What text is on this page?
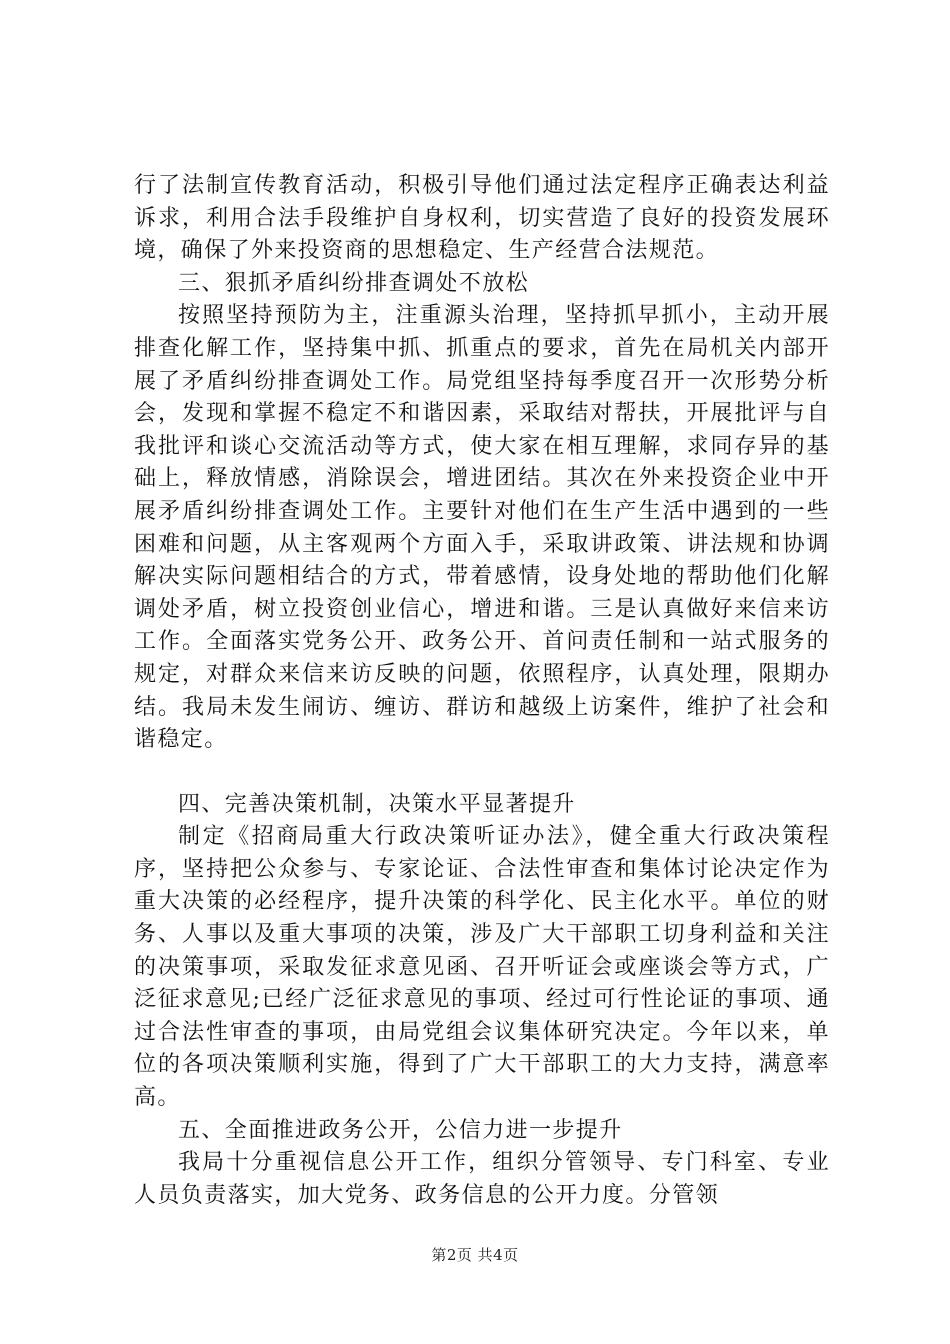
行了法制宣传教育活动，积极引导他们通过法定程序正确表达利益诉求，利用合法手段维护自身权利，切实营造了良好的投资发展环境，确保了外来投资商的思想稳定、生产经营合法规范。

三、狠抓矛盾纠纷排查调处不放松

按照坚持预防为主，注重源头治理，坚持抓早抓小，主动开展排查化解工作，坚持集中抓、抓重点的要求，首先在局机关内部开展了矛盾纠纷排查调处工作。局党组坚持每季度召开一次形势分析会，发现和掌握不稳定不和谐因素，采取结对帮扶，开展批评与自我批评和谈心交流活动等方式，使大家在相互理解，求同存异的基础上，释放情感，消除误会，增进团结。其次在外来投资企业中开展矛盾纠纷排查调处工作。主要针对他们在生产生活中遇到的一些困难和问题，从主客观两个方面入手，采取讲政策、讲法规和协调解决实际问题相结合的方式，带着感情，设身处地的帮助他们化解调处矛盾，树立投资创业信心，增进和谐。三是认真做好来信来访工作。全面落实党务公开、政务公开、首问责任制和一站式服务的规定，对群众来信来访反映的问题，依照程序，认真处理，限期办结。我局未发生闹访、缠访、群访和越级上访案件，维护了社会和谐稳定。

四、完善决策机制，决策水平显著提升

制定《招商局重大行政决策听证办法》，健全重大行政决策程序，坚持把公众参与、专家论证、合法性审查和集体讨论决定作为重大决策的必经程序，提升决策的科学化、民主化水平。单位的财务、人事以及重大事项的决策，涉及广大干部职工切身利益和关注的决策事项，采取发征求意见函、召开听证会或座谈会等方式，广泛征求意见;已经广泛征求意见的事项、经过可行性论证的事项、通过合法性审查的事项，由局党组会议集体研究决定。今年以来，单位的各项决策顺利实施，得到了广大干部职工的大力支持，满意率高。

五、全面推进政务公开，公信力进一步提升

我局十分重视信息公开工作，组织分管领导、专门科室、专业人员负责落实，加大党务、政务信息的公开力度。分管领

第2页 共4页
